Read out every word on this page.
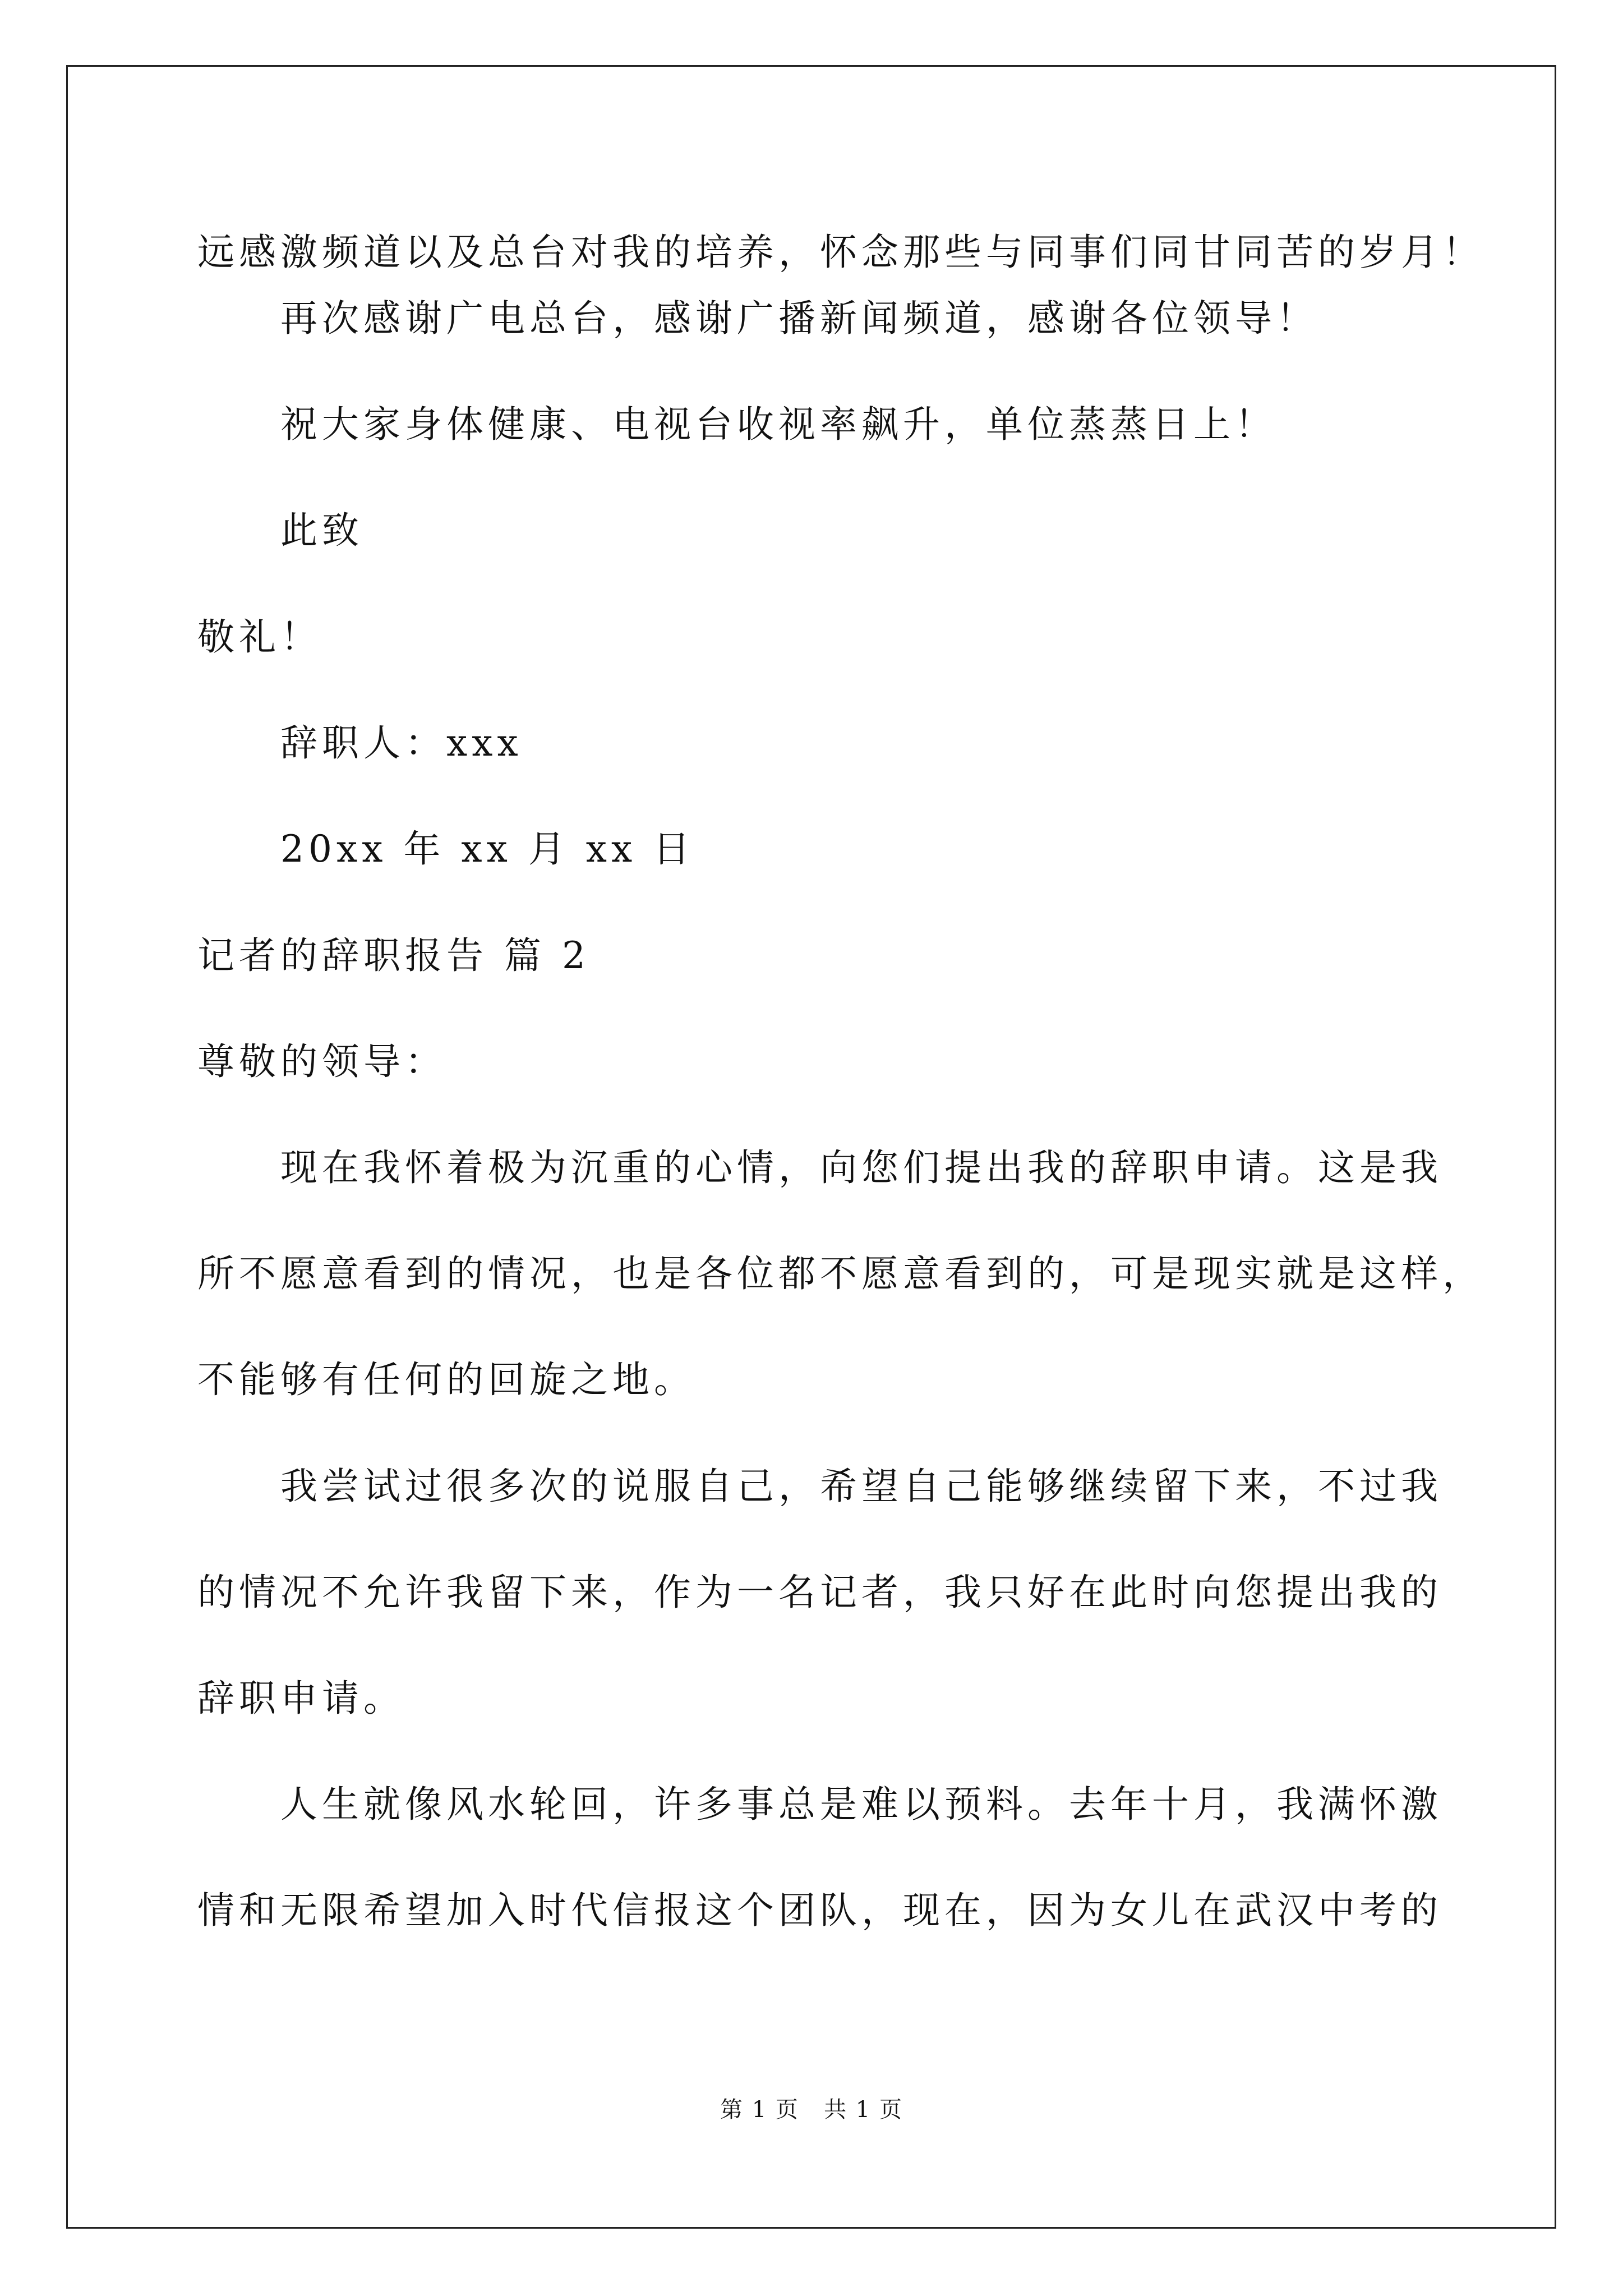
远感激频道以及总台对我的培养，怀念那些与同事们同甘同苦的岁月！
再次感谢广电总台，感谢广播新闻频道，感谢各位领导！
祝大家身体健康、电视台收视率飙升，单位蒸蒸日上！
此致
敬礼！
辞职人：xxx
20xx 年 xx 月 xx 日
记者的辞职报告 篇 2
尊敬的领导：
现在我怀着极为沉重的心情，向您们提出我的辞职申请。这是我
所不愿意看到的情况，也是各位都不愿意看到的，可是现实就是这样，
不能够有任何的回旋之地。
我尝试过很多次的说服自己，希望自己能够继续留下来，不过我
的情况不允许我留下来，作为一名记者，我只好在此时向您提出我的
辞职申请。
人生就像风水轮回，许多事总是难以预料。去年十月，我满怀激
情和无限希望加入时代信报这个团队，现在，因为女儿在武汉中考的
第 1 页   共 1 页
